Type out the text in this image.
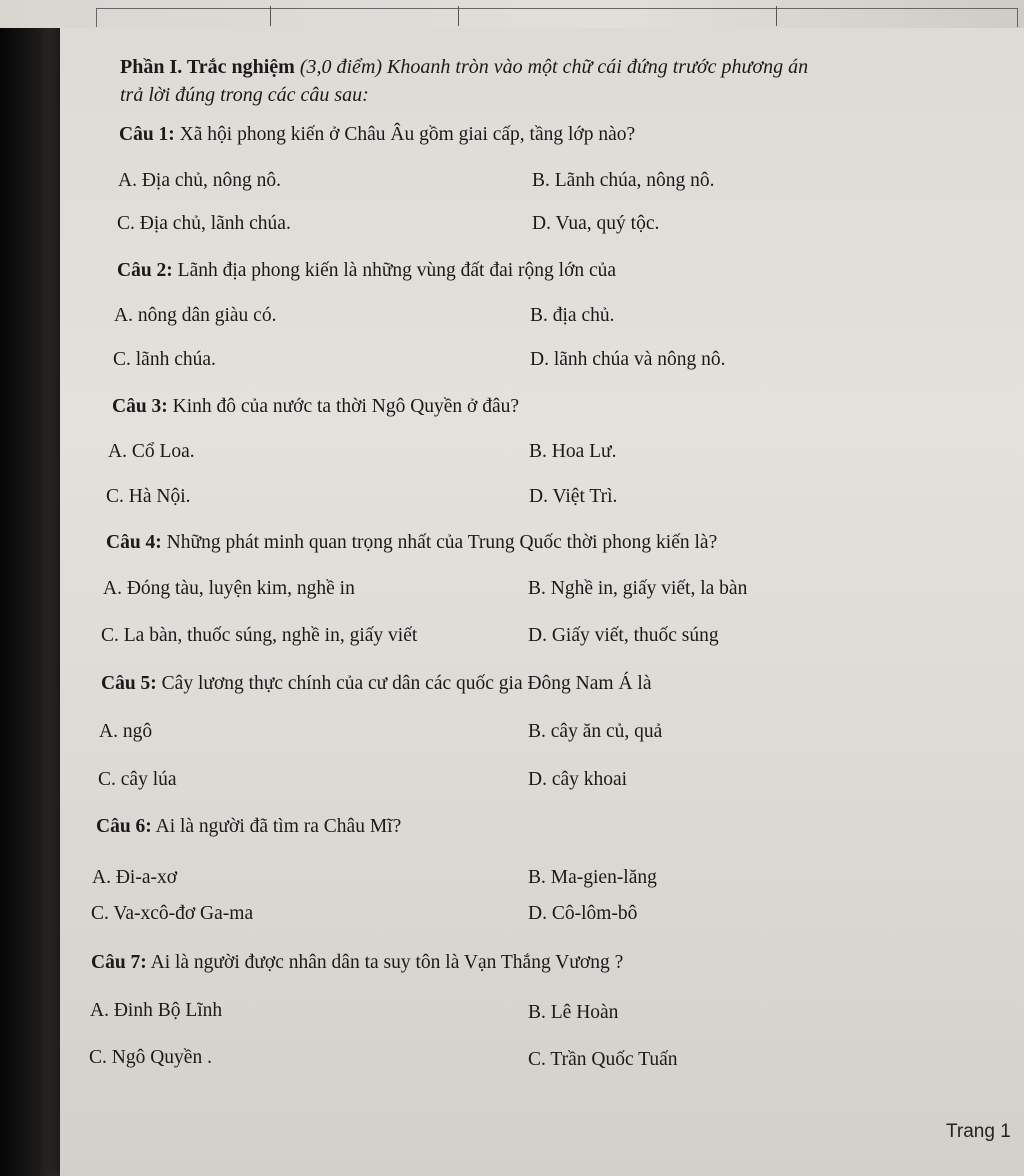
Phần I. Trắc nghiệm (3,0 điểm) Khoanh tròn vào một chữ cái đứng trước phương án
trả lời đúng trong các câu sau:
Câu 1: Xã hội phong kiến ở Châu Âu gồm giai cấp, tầng lớp nào?
A. Địa chủ, nông nô.	B. Lãnh chúa, nông nô.
C. Địa chủ, lãnh chúa.	D. Vua, quý tộc.
Câu 2: Lãnh địa phong kiến là những vùng đất đai rộng lớn của
A. nông dân giàu có.	B. địa chủ.
C. lãnh chúa.	D. lãnh chúa và nông nô.
Câu 3: Kinh đô của nước ta thời Ngô Quyền ở đâu?
A. Cổ Loa.	B. Hoa Lư.
C. Hà Nội.	D. Việt Trì.
Câu 4: Những phát minh quan trọng nhất của Trung Quốc thời phong kiến là?
A. Đóng tàu, luyện kim, nghề in	B. Nghề in, giấy viết, la bàn
C. La bàn, thuốc súng, nghề in, giấy viết	D. Giấy viết, thuốc súng
Câu 5: Cây lương thực chính của cư dân các quốc gia Đông Nam Á là
A. ngô	B. cây ăn củ, quả
C. cây lúa	D. cây khoai
Câu 6: Ai là người đã tìm ra Châu Mĩ?
A. Đi-a-xơ	B. Ma-gien-lăng
C. Va-xcô-đơ Ga-ma	D. Cô-lôm-bô
Câu 7: Ai là người được nhân dân ta suy tôn là Vạn Thắng Vương ?
A. Đinh Bộ Lĩnh	B. Lê Hoàn
C. Ngô Quyền .	C. Trần Quốc Tuấn
Trang 1
